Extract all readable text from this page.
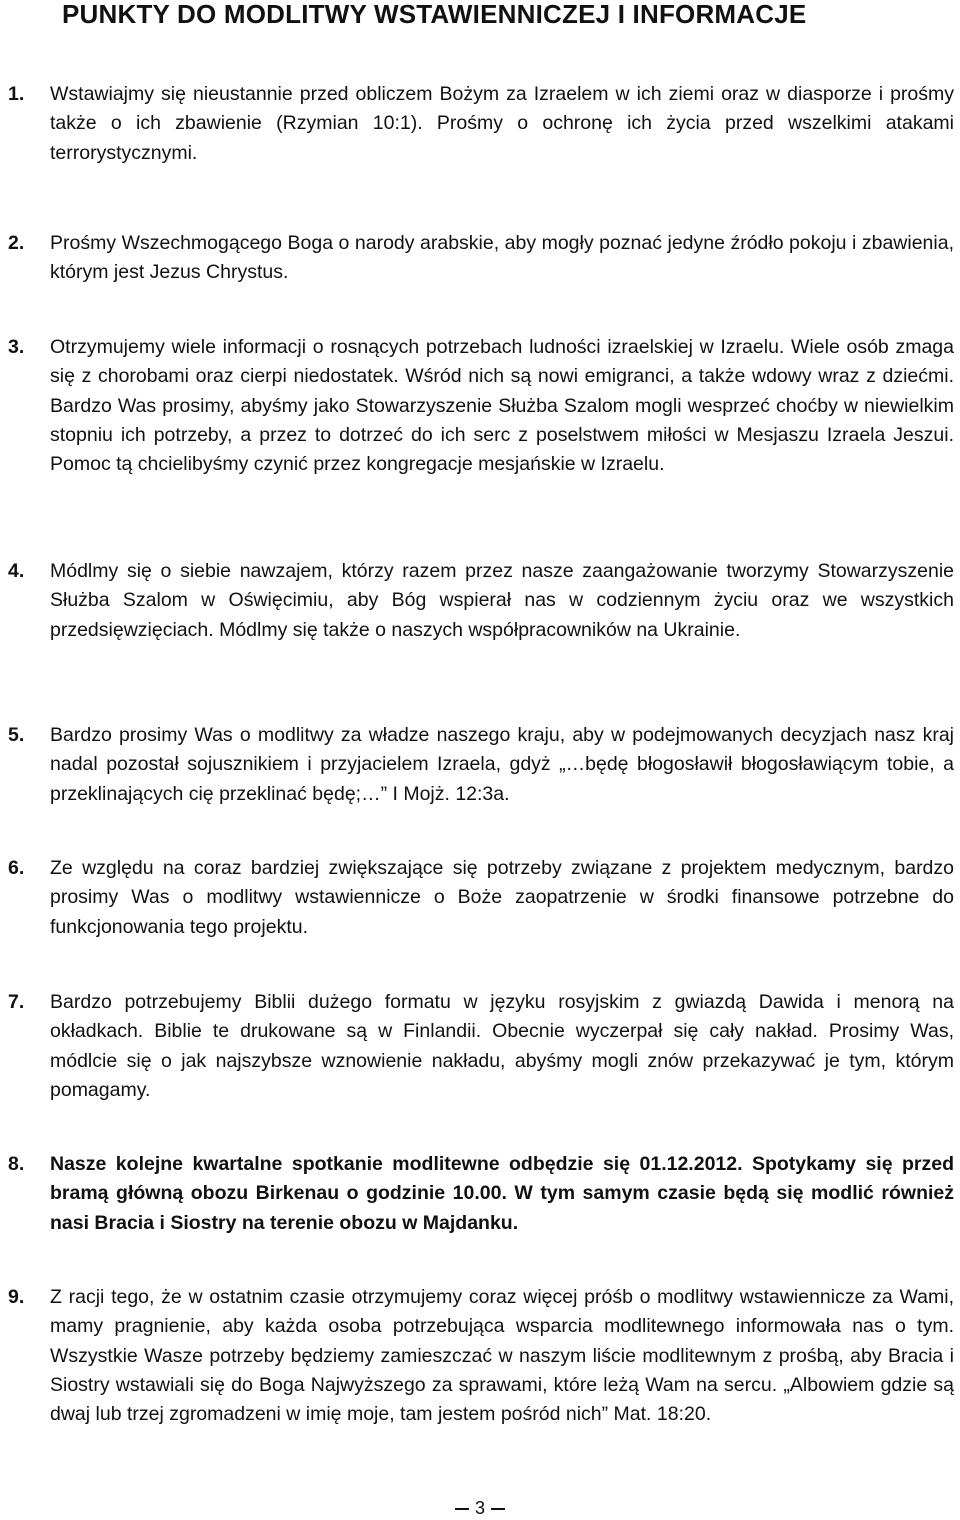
PUNKTY DO MODLITWY WSTAWIENNICZEJ I INFORMACJE
1. Wstawiajmy się nieustannie przed obliczem Bożym za Izraelem w ich ziemi oraz w diasporze i prośmy także o ich zbawienie (Rzymian 10:1). Prośmy o ochronę ich życia przed wszelkimi atakami terrorystycznymi.
2. Prośmy Wszechmogącego Boga o narody arabskie, aby mogły poznać jedyne źródło pokoju i zbawienia, którym jest Jezus Chrystus.
3. Otrzymujemy wiele informacji o rosnących potrzebach ludności izraelskiej w Izraelu. Wiele osób zmaga się z chorobami oraz cierpi niedostatek. Wśród nich są nowi emigranci, a także wdowy wraz z dziećmi. Bardzo Was prosimy, abyśmy jako Stowarzyszenie Służba Szalom mogli wesprzeć choćby w niewielkim stopniu ich potrzeby, a przez to dotrzeć do ich serc z poselstwem miłości w Mesjaszu Izraela Jeszui. Pomoc tą chcielibyśmy czynić przez kongregacje mesjańskie w Izraelu.
4. Módlmy się o siebie nawzajem, którzy razem przez nasze zaangażowanie tworzymy Stowarzyszenie Służba Szalom w Oświęcimiu, aby Bóg wspierał nas w codziennym życiu oraz we wszystkich przedsięwzięciach. Módlmy się także o naszych współpracowników na Ukrainie.
5. Bardzo prosimy Was o modlitwy za władze naszego kraju, aby w podejmowanych decyzjach nasz kraj nadal pozostał sojusznikiem i przyjacielem Izraela, gdyż „…będę błogosławił błogosławiącym tobie, a przeklinających cię przeklinać będę;…” I Mojż. 12:3a.
6. Ze względu na coraz bardziej zwiększające się potrzeby związane z projektem medycznym, bardzo prosimy Was o modlitwy wstawiennicze o Boże zaopatrzenie w środki finansowe potrzebne do funkcjonowania tego projektu.
7. Bardzo potrzebujemy Biblii dużego formatu w języku rosyjskim z gwiazdą Dawida i menorą na okładkach. Biblie te drukowane są w Finlandii. Obecnie wyczerpał się cały nakład. Prosimy Was, módlcie się o jak najszybsze wznowienie nakładu, abyśmy mogli znów przekazywać je tym, którym pomagamy.
8. Nasze kolejne kwartalne spotkanie modlitewne odbędzie się 01.12.2012. Spotykamy się przed bramą główną obozu Birkenau o godzinie 10.00. W tym samym czasie będą się modlić również nasi Bracia i Siostry na terenie obozu w Majdanku.
9. Z racji tego, że w ostatnim czasie otrzymujemy coraz więcej próśb o modlitwy wstawiennicze za Wami, mamy pragnienie, aby każda osoba potrzebująca wsparcia modlitewnego informowała nas o tym. Wszystkie Wasze potrzeby będziemy zamieszczać w naszym liście modlitewnym z prośbą, aby Bracia i Siostry wstawiali się do Boga Najwyższego za sprawami, które leżą Wam na sercu. „Albowiem gdzie są dwaj lub trzej zgromadzeni w imię moje, tam jestem pośród nich” Mat. 18:20.
3
